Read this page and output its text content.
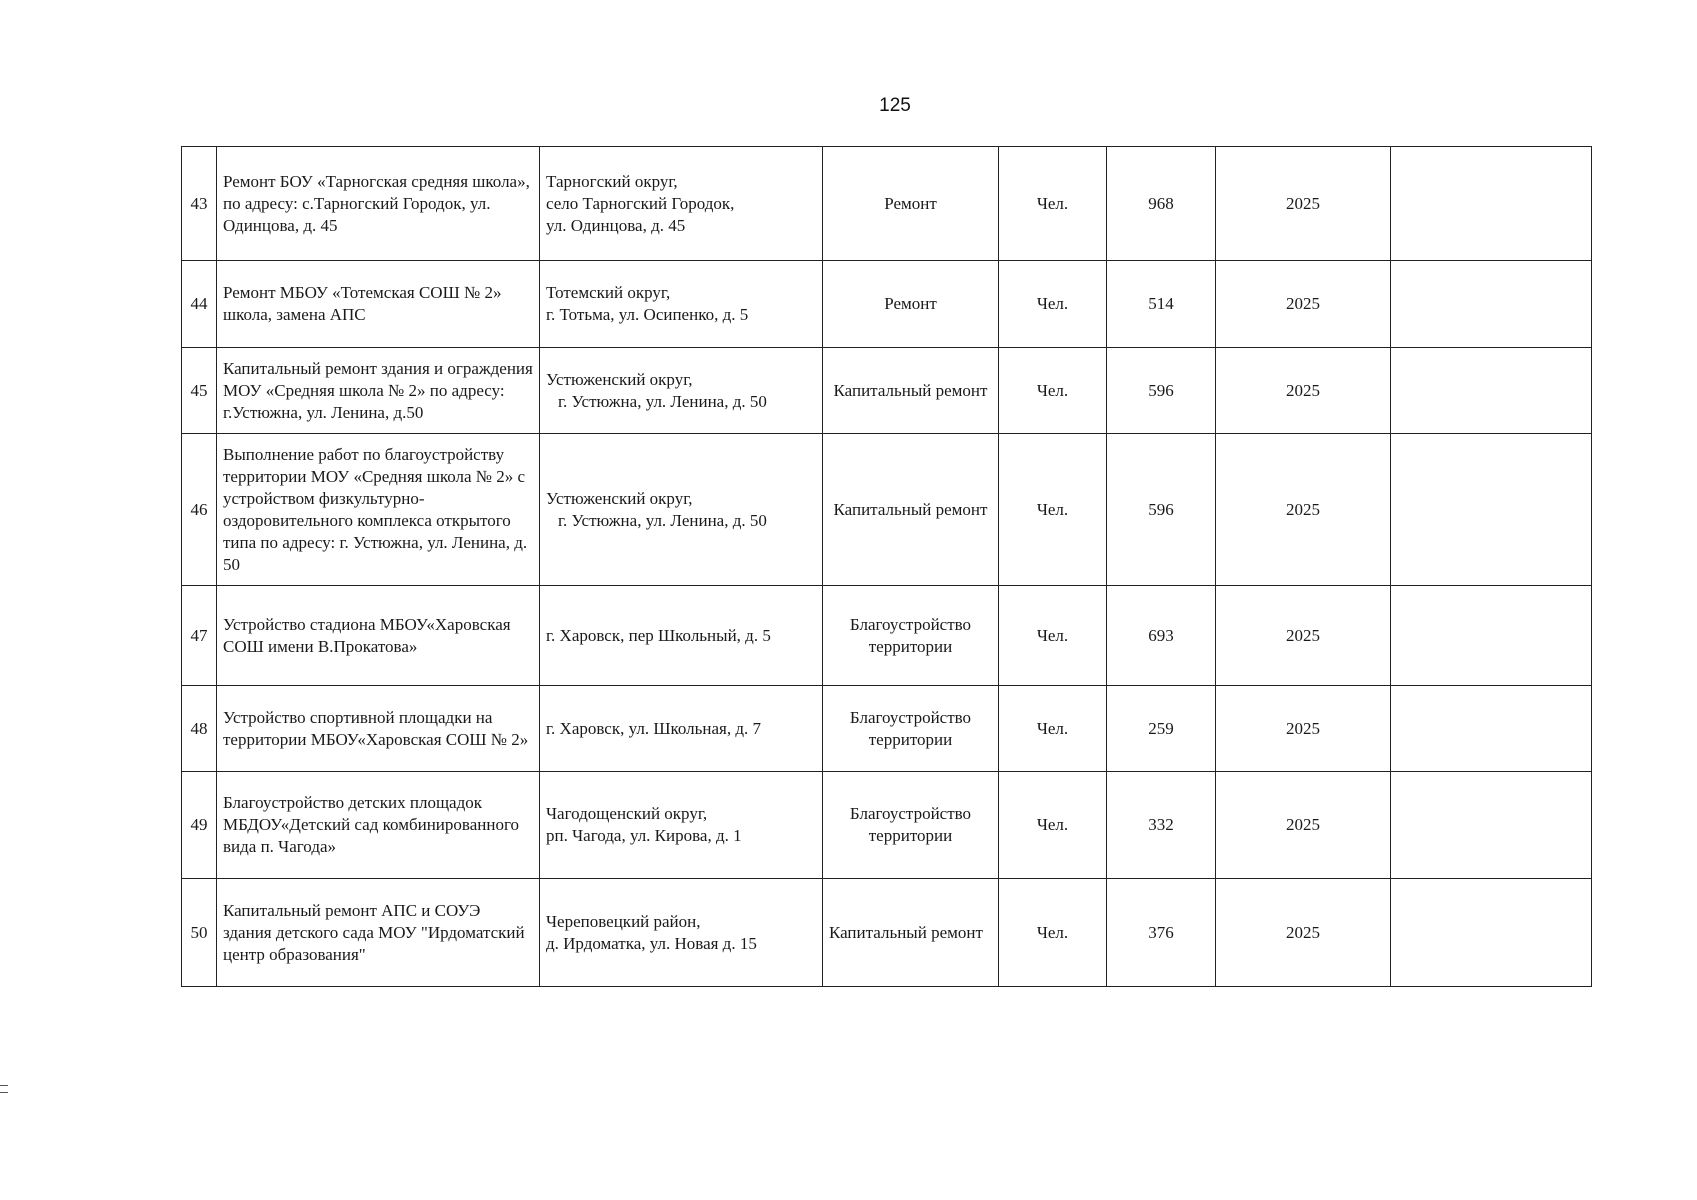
125
43	Ремонт БОУ «Тарногская средняя школа», по адресу: с.Тарногский Городок, ул. Одинцова, д. 45	Тарногский округ,
село Тарногский Городок,
ул. Одинцова, д. 45	Ремонт	Чел.	968	2025	
44	Ремонт МБОУ «Тотемская СОШ № 2» школа, замена АПС	Тотемский округ,
г. Тотьма, ул. Осипенко, д. 5	Ремонт	Чел.	514	2025	
45	Капитальный ремонт здания и ограждения МОУ «Средняя школа № 2» по адресу: г.Устюжна, ул. Ленина, д.50	Устюженский округ,
г. Устюжна, ул. Ленина, д. 50	Капитальный ремонт	Чел.	596	2025	
46	Выполнение работ по благоустройству территории МОУ «Средняя школа № 2» с устройством физкультурно-оздоровительного комплекса открытого типа по адресу: г. Устюжна, ул. Ленина, д. 50	Устюженский округ,
г. Устюжна, ул. Ленина, д. 50	Капитальный ремонт	Чел.	596	2025	
47	Устройство стадиона МБОУ«Харовская СОШ имени В.Прокатова»	г. Харовск, пер Школьный, д. 5	Благоустройство территории	Чел.	693	2025	
48	Устройство спортивной площадки на территории МБОУ«Харовская СОШ № 2»	г. Харовск, ул. Школьная, д. 7	Благоустройство территории	Чел.	259	2025	
49	Благоустройство детских площадок МБДОУ«Детский сад комбинированного вида п. Чагода»	Чагодощенский округ,
рп. Чагода, ул. Кирова, д. 1	Благоустройство территории	Чел.	332	2025	
50	Капитальный ремонт АПС и СОУЭ здания детского сада МОУ "Ирдоматский центр образования"	Череповецкий район,
д. Ирдоматка, ул. Новая д. 15	Капитальный ремонт	Чел.	376	2025	
